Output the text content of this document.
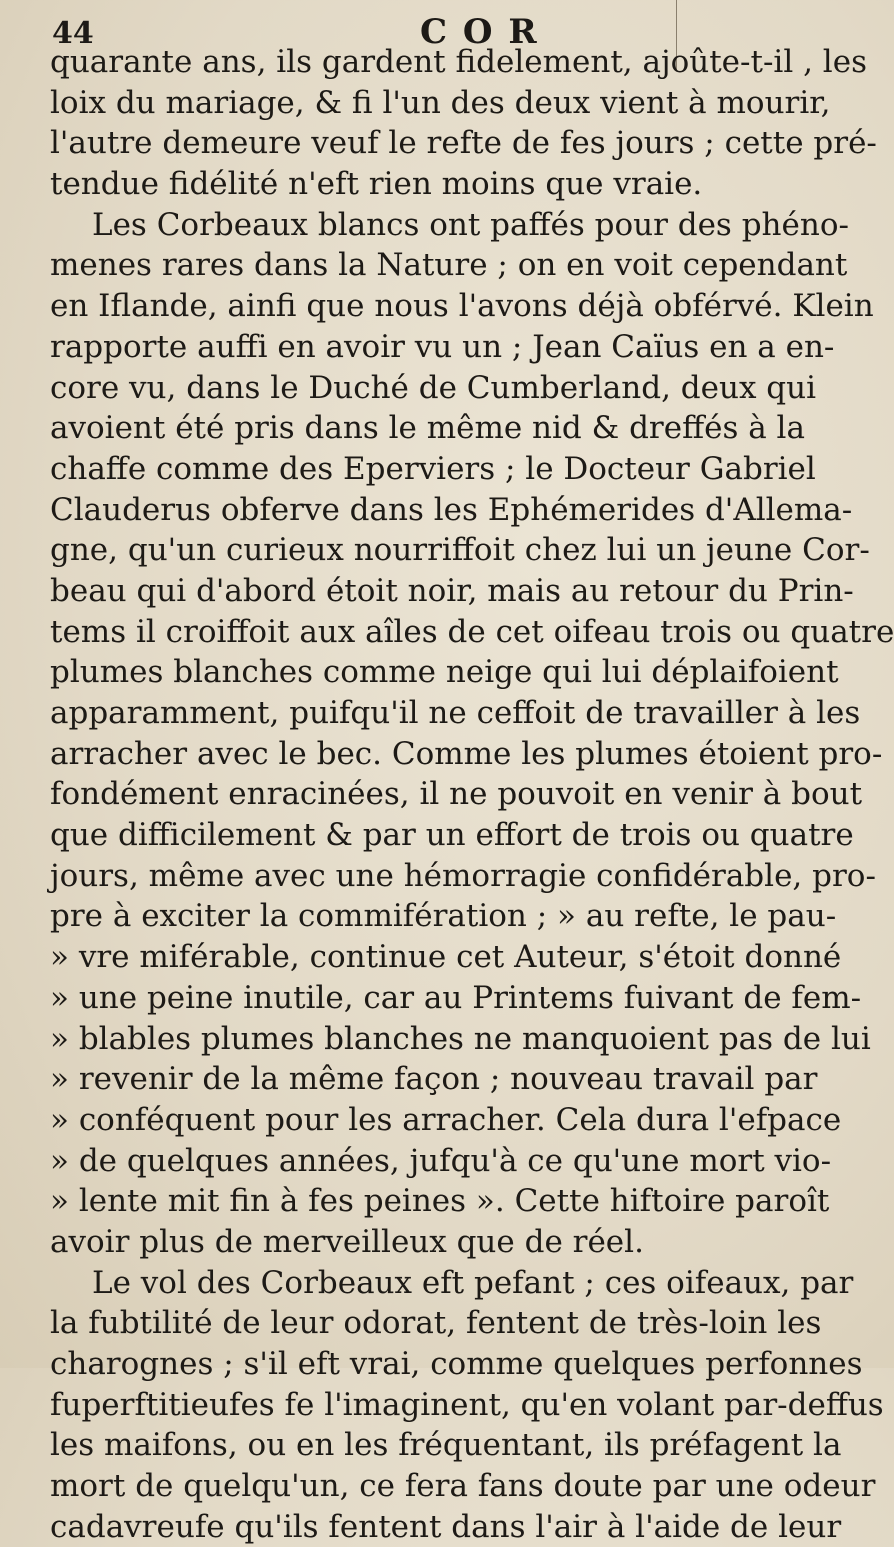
44	C O R
quarante ans, ils gardent fidelement, ajoûte-t-il , les
loix du mariage, & fi l'un des deux vient à mourir,
l'autre demeure veuf le refte de fes jours ; cette pré-
tendue fidélité n'eft rien moins que vraie.
Les Corbeaux blancs ont paffés pour des phéno-
menes rares dans la Nature ; on en voit cependant
en Iflande, ainfi que nous l'avons déjà obférvé. Klein
rapporte auffi en avoir vu un ; Jean Caïus en a en-
core vu, dans le Duché de Cumberland, deux qui
avoient été pris dans le même nid & dreffés à la
chaffe comme des Eperviers ; le Docteur Gabriel
Clauderus obferve dans les Ephémerides d'Allema-
gne, qu'un curieux nourriffoit chez lui un jeune Cor-
beau qui d'abord étoit noir, mais au retour du Prin-
tems il croiffoit aux aîles de cet oifeau trois ou quatre
plumes blanches comme neige qui lui déplaifoient
apparamment, puifqu'il ne ceffoit de travailler à les
arracher avec le bec. Comme les plumes étoient pro-
fondément enracinées, il ne pouvoit en venir à bout
que difficilement & par un effort de trois ou quatre
jours, même avec une hémorragie confidérable, pro-
pre à exciter la commifération ; » au refte, le pau-
» vre miférable, continue cet Auteur, s'étoit donné
» une peine inutile, car au Printems fuivant de fem-
» blables plumes blanches ne manquoient pas de lui
» revenir de la même façon ; nouveau travail par
» conféquent pour les arracher. Cela dura l'efpace
» de quelques années, jufqu'à ce qu'une mort vio-
» lente mit fin à fes peines ». Cette hiftoire paroît
avoir plus de merveilleux que de réel.
Le vol des Corbeaux eft pefant ; ces oifeaux, par
la fubtilité de leur odorat, fentent de très-loin les
charognes ; s'il eft vrai, comme quelques perfonnes
fuperftitieufes fe l'imaginent, qu'en volant par-deffus
les maifons, ou en les fréquentant, ils préfagent la
mort de quelqu'un, ce fera fans doute par une odeur
cadavreufe qu'ils fentent dans l'air à l'aide de leur
